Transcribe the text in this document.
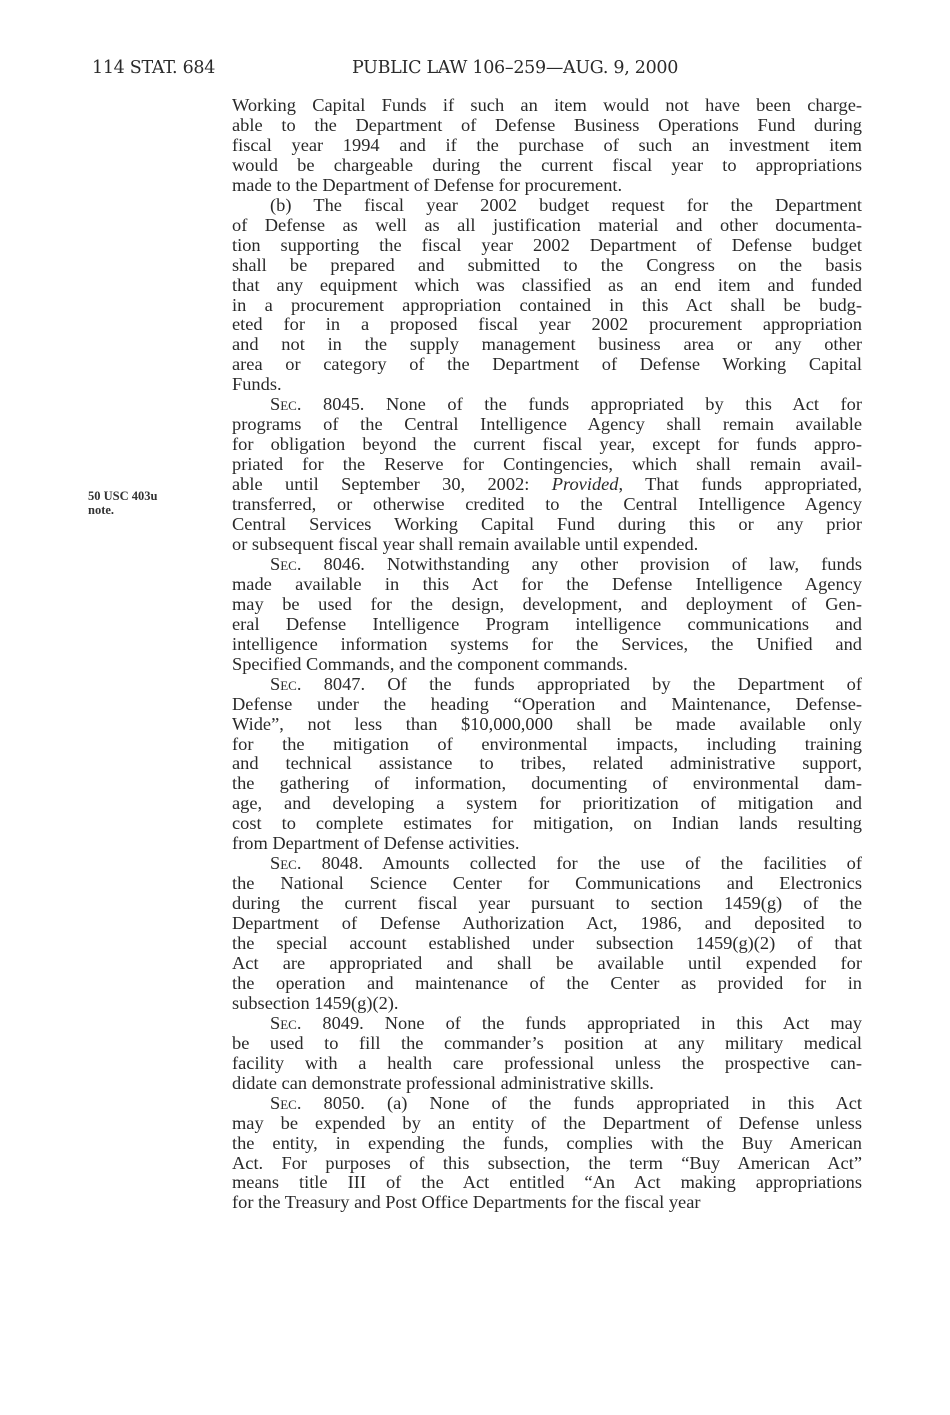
114 STAT. 684	PUBLIC LAW 106–259—AUG. 9, 2000
50 USC 403u
note.
Working Capital Funds if such an item would not have been charge-
able to the Department of Defense Business Operations Fund during
fiscal year 1994 and if the purchase of such an investment item
would be chargeable during the current fiscal year to appropriations
made to the Department of Defense for procurement.
(b) The fiscal year 2002 budget request for the Department
of Defense as well as all justification material and other documenta-
tion supporting the fiscal year 2002 Department of Defense budget
shall be prepared and submitted to the Congress on the basis
that any equipment which was classified as an end item and funded
in a procurement appropriation contained in this Act shall be budg-
eted for in a proposed fiscal year 2002 procurement appropriation
and not in the supply management business area or any other
area or category of the Department of Defense Working Capital
Funds.
Sec. 8045. None of the funds appropriated by this Act for
programs of the Central Intelligence Agency shall remain available
for obligation beyond the current fiscal year, except for funds appro-
priated for the Reserve for Contingencies, which shall remain avail-
able until September 30, 2002: Provided, That funds appropriated,
transferred, or otherwise credited to the Central Intelligence Agency
Central Services Working Capital Fund during this or any prior
or subsequent fiscal year shall remain available until expended.
Sec. 8046. Notwithstanding any other provision of law, funds
made available in this Act for the Defense Intelligence Agency
may be used for the design, development, and deployment of Gen-
eral Defense Intelligence Program intelligence communications and
intelligence information systems for the Services, the Unified and
Specified Commands, and the component commands.
Sec. 8047. Of the funds appropriated by the Department of
Defense under the heading “Operation and Maintenance, Defense-
Wide”, not less than $10,000,000 shall be made available only
for the mitigation of environmental impacts, including training
and technical assistance to tribes, related administrative support,
the gathering of information, documenting of environmental dam-
age, and developing a system for prioritization of mitigation and
cost to complete estimates for mitigation, on Indian lands resulting
from Department of Defense activities.
Sec. 8048. Amounts collected for the use of the facilities of
the National Science Center for Communications and Electronics
during the current fiscal year pursuant to section 1459(g) of the
Department of Defense Authorization Act, 1986, and deposited to
the special account established under subsection 1459(g)(2) of that
Act are appropriated and shall be available until expended for
the operation and maintenance of the Center as provided for in
subsection 1459(g)(2).
Sec. 8049. None of the funds appropriated in this Act may
be used to fill the commander’s position at any military medical
facility with a health care professional unless the prospective can-
didate can demonstrate professional administrative skills.
Sec. 8050. (a) None of the funds appropriated in this Act
may be expended by an entity of the Department of Defense unless
the entity, in expending the funds, complies with the Buy American
Act. For purposes of this subsection, the term “Buy American Act”
means title III of the Act entitled “An Act making appropriations
for the Treasury and Post Office Departments for the fiscal year
